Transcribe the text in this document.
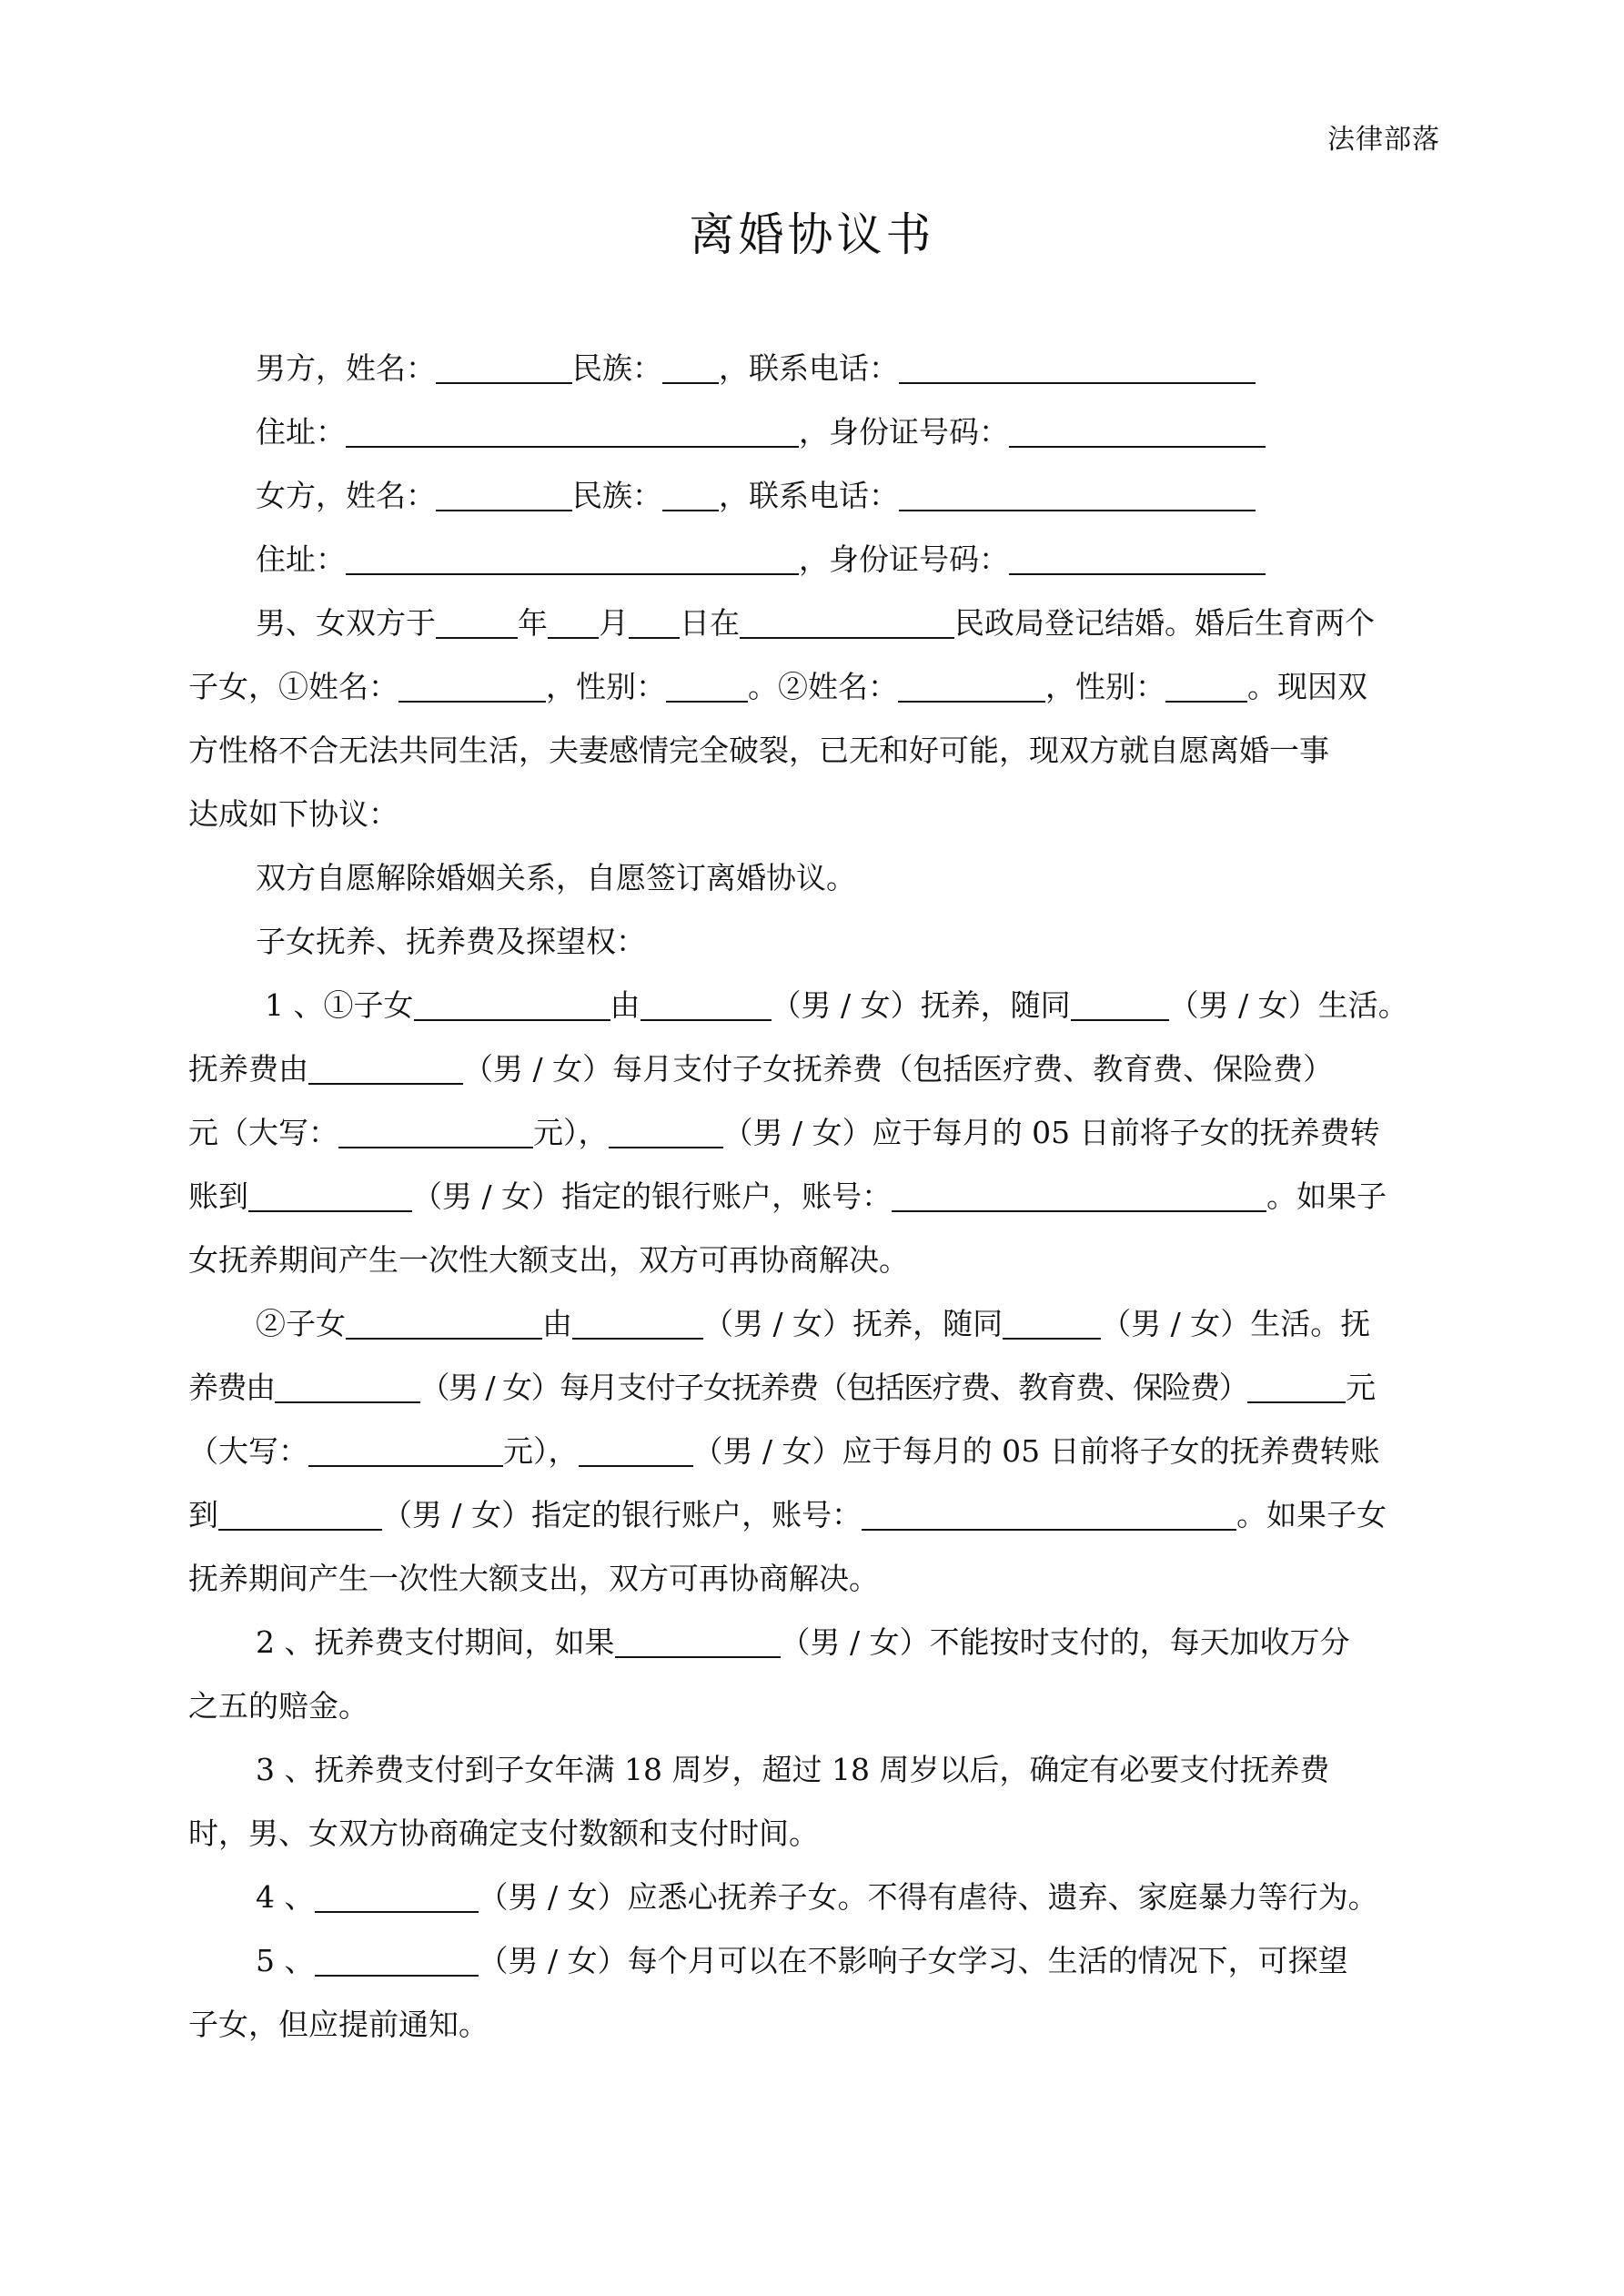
法律部落
离婚协议书
男方，姓名：	民族： ，联系电话：
住址：	，身份证号码：
女方，姓名：	民族： ，联系电话：
住址：	，身份证号码：
男、女双方于	年 月 日在	民政局登记结婚。婚后生育两个
子女，①姓名：	，性别：	。②姓名：	，性别：	。现因双
方性格不合无法共同生活，夫妻感情完全破裂，已无和好可能，现双方就自愿离婚一事
达成如下协议：
双方自愿解除婚姻关系，自愿签订离婚协议。
子女抚养、抚养费及探望权：
1 、①子女	由	（男 / 女）抚养，随同	（男 / 女）生活。
抚养费由	（男 / 女）每月支付子女抚养费（包括医疗费、教育费、保险费）
元（大写：	元），	（男 / 女）应于每月的 05 日前将子女的抚养费转
账到	（男 / 女）指定的银行账户，账号：	。如果子
女抚养期间产生一次性大额支出，双方可再协商解决。
②子女	由	（男 / 女）抚养，随同	（男 / 女）生活。抚
养费由	（男 / 女）每月支付子女抚养费（包括医疗费、教育费、保险费）	元
（大写：	元），	（男 / 女）应于每月的 05 日前将子女的抚养费转账
到	（男 / 女）指定的银行账户，账号：	。如果子女
抚养期间产生一次性大额支出，双方可再协商解决。
2 、抚养费支付期间，如果	（男 / 女）不能按时支付的，每天加收万分
之五的赔金。
3 、抚养费支付到子女年满 18 周岁，超过 18 周岁以后，确定有必要支付抚养费
时，男、女双方协商确定支付数额和支付时间。
4 、	（男 / 女）应悉心抚养子女。不得有虐待、遗弃、家庭暴力等行为。
5 、	（男 / 女）每个月可以在不影响子女学习、生活的情况下，可探望
子女，但应提前通知。
